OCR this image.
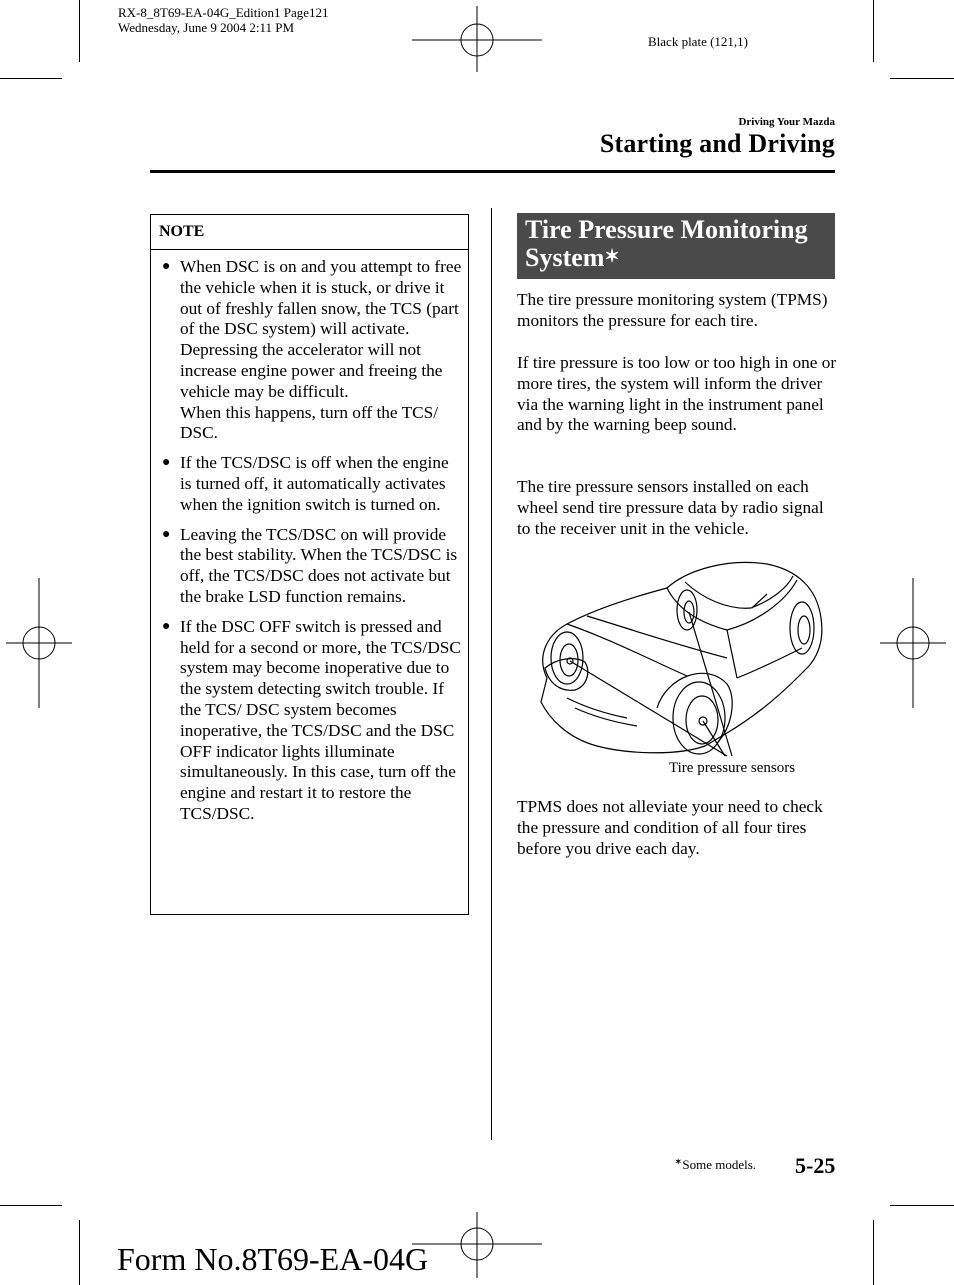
RX-8_8T69-EA-04G_Edition1 Page121
Wednesday, June 9 2004 2:11 PM
Black plate (121,1)
Driving Your Mazda
Starting and Driving
NOTE
● When DSC is on and you attempt to free the vehicle when it is stuck, or drive it out of freshly fallen snow, the TCS (part of the DSC system) will activate. Depressing the accelerator will not increase engine power and freeing the vehicle may be difficult.
When this happens, turn off the TCS/ DSC.
● If the TCS/DSC is off when the engine is turned off, it automatically activates when the ignition switch is turned on.
● Leaving the TCS/DSC on will provide the best stability. When the TCS/DSC is off, the TCS/DSC does not activate but the brake LSD function remains.
● If the DSC OFF switch is pressed and held for a second or more, the TCS/DSC system may become inoperative due to the system detecting switch trouble. If the TCS/ DSC system becomes inoperative, the TCS/DSC and the DSC OFF indicator lights illuminate simultaneously. In this case, turn off the engine and restart it to restore the TCS/DSC.
Tire Pressure Monitoring System✶
The tire pressure monitoring system (TPMS) monitors the pressure for each tire.
If tire pressure is too low or too high in one or more tires, the system will inform the driver via the warning light in the instrument panel and by the warning beep sound.
The tire pressure sensors installed on each wheel send tire pressure data by radio signal to the receiver unit in the vehicle.
Tire pressure sensors
TPMS does not alleviate your need to check the pressure and condition of all four tires before you drive each day.
✶Some models. 5-25
Form No.8T69-EA-04G
